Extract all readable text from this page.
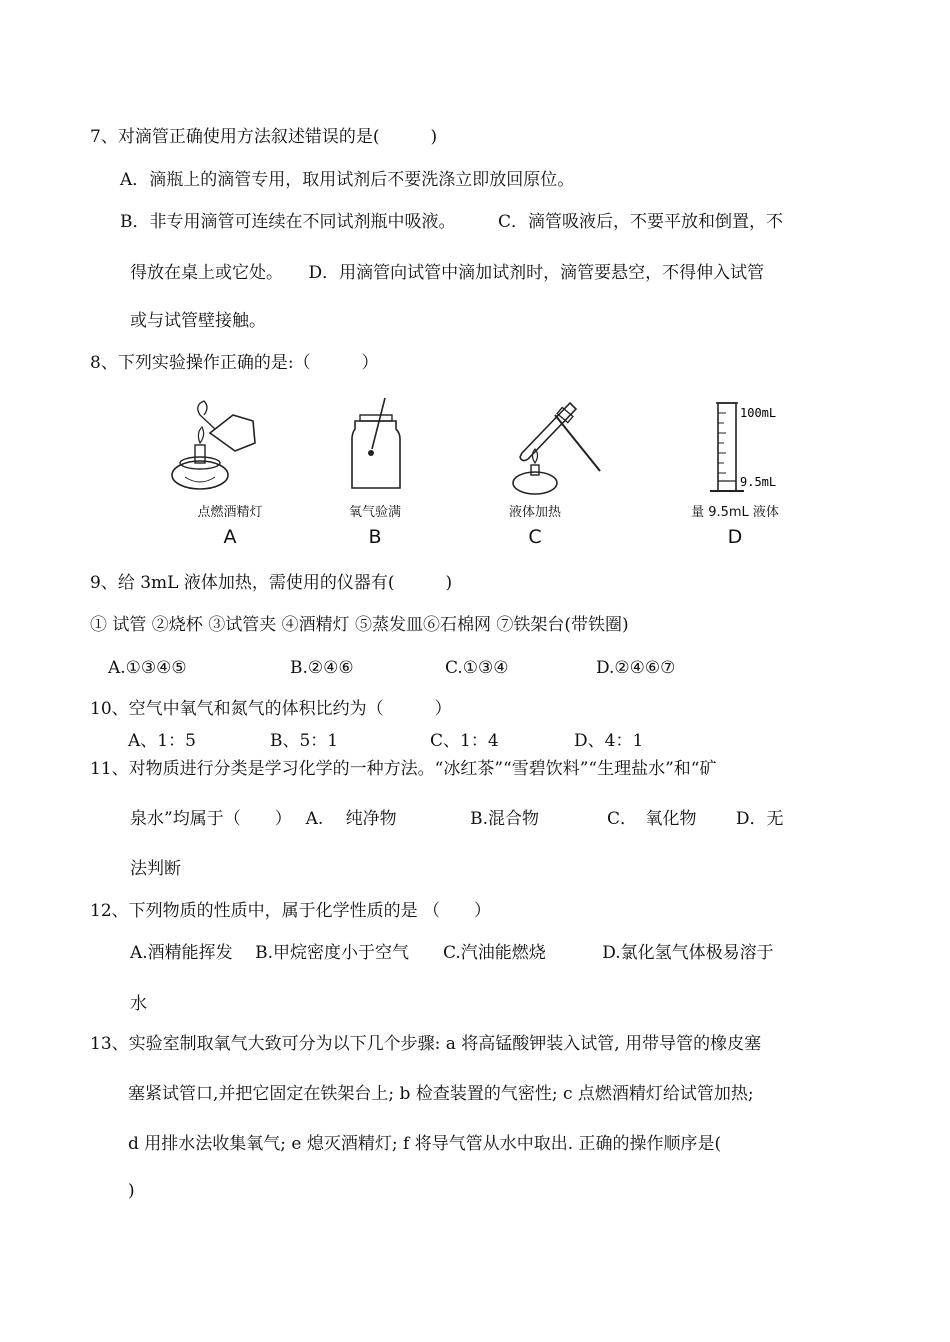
7、对滴管正确使用方法叙述错误的是(　　　)
A．滴瓶上的滴管专用，取用试剂后不要洗涤立即放回原位。
B．非专用滴管可连续在不同试剂瓶中吸液。　　　C．滴管吸液后，不要平放和倒置，不
得放在桌上或它处。　　D．用滴管向试管中滴加试剂时，滴管要悬空，不得伸入试管
或与试管壁接触。
8、下列实验操作正确的是:（　　　）
点燃酒精灯
A
氧气验满
B
液体加热
C
100mL
9.5mL
量 9.5mL 液体
D
9、给 3mL 液体加热，需使用的仪器有(　　　)
① 试管 ②烧杯 ③试管夹 ④酒精灯 ⑤蒸发皿⑥石棉网 ⑦铁架台(带铁圈)
A.①③④⑤	B.②④⑥	C.①③④	D.②④⑥⑦
10、空气中氧气和氮气的体积比约为（　　　）
A、1：5	B、5：1	C、1：4	D、4：1
11、对物质进行分类是学习化学的一种方法。“冰红茶”“雪碧饮料”“生理盐水”和“矿
泉水”均属于（　　）　 A.　 纯净物　　　　 B.混合物　　　　C．　氧化物　　 D．无
法判断
12、下列物质的性质中，属于化学性质的是 （　　）
A.酒精能挥发　 B.甲烷密度小于空气　　C.汽油能燃烧　　　 D.氯化氢气体极易溶于
水
13、实验室制取氧气大致可分为以下几个步骤: a 将高锰酸钾装入试管, 用带导管的橡皮塞
塞紧试管口,并把它固定在铁架台上; b 检查装置的气密性; c 点燃酒精灯给试管加热;
d 用排水法收集氧气; e 熄灭酒精灯; f 将导气管从水中取出. 正确的操作顺序是(
)
